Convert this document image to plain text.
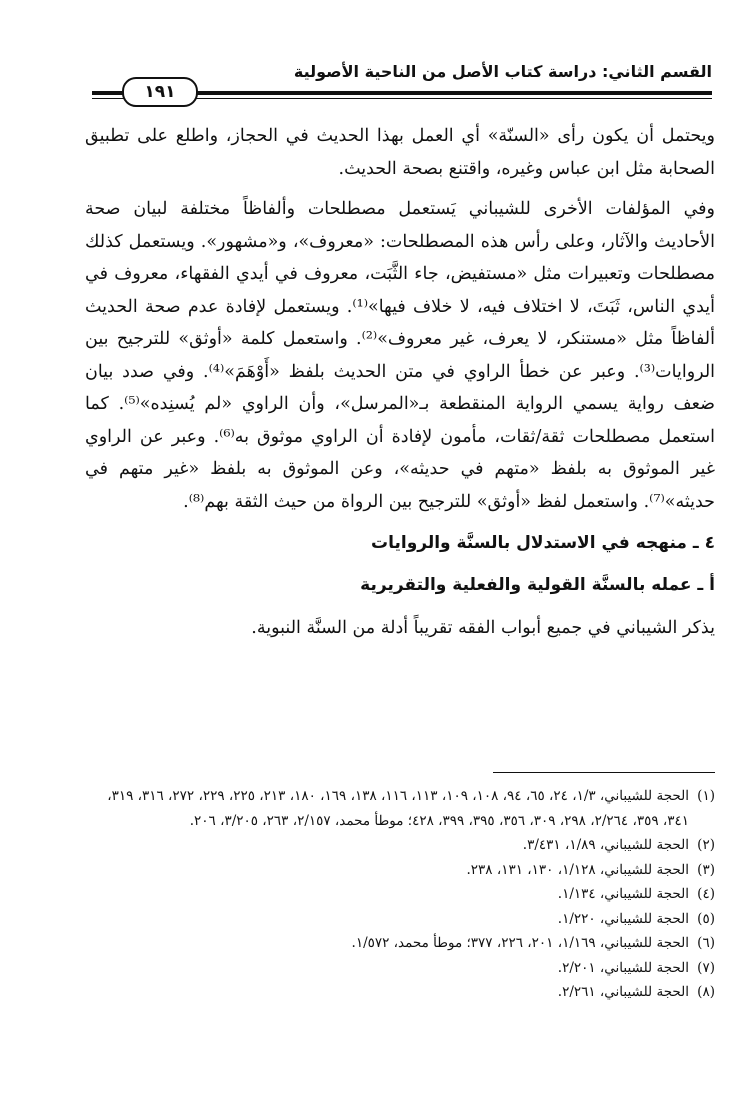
القسم الثاني: دراسة كتاب الأصل من الناحية الأصولية
١٩١

ويحتمل أن يكون رأى «السنّة» أي العمل بهذا الحديث في الحجاز، واطلع على تطبيق الصحابة مثل ابن عباس وغيره، واقتنع بصحة الحديث.

وفي المؤلفات الأخرى للشيباني يَستعمل مصطلحات وألفاظاً مختلفة لبيان صحة الأحاديث والآثار، وعلى رأس هذه المصطلحات: «معروف»، و«مشهور». ويستعمل كذلك مصطلحات وتعبيرات مثل «مستفيض، جاء الثَّبَت، معروف في أيدي الفقهاء، معروف في أيدي الناس، ثَبَتَ، لا اختلاف فيه، لا خلاف فيها»⁽¹⁾. ويستعمل لإفادة عدم صحة الحديث ألفاظاً مثل «مستنكر، لا يعرف، غير معروف»⁽²⁾. واستعمل كلمة «أوثق» للترجيح بين الروايات⁽³⁾. وعبر عن خطأ الراوي في متن الحديث بلفظ «أَوْهَمَ»⁽⁴⁾. وفي صدد بيان ضعف رواية يسمي الرواية المنقطعة بـ«المرسل»، وأن الراوي «لم يُسنِده»⁽⁵⁾. كما استعمل مصطلحات ثقة/ثقات، مأمون لإفادة أن الراوي موثوق به⁽⁶⁾. وعبر عن الراوي غير الموثوق به بلفظ «متهم في حديثه»، وعن الموثوق به بلفظ «غير متهم في حديثه»⁽⁷⁾. واستعمل لفظ «أوثق» للترجيح بين الرواة من حيث الثقة بهم⁽⁸⁾.

٤ ـ منهجه في الاستدلال بالسنَّة والروايات
أ ـ عمله بالسنَّة القولية والفعلية والتقريرية

يذكر الشيباني في جميع أبواب الفقه تقريباً أدلة من السنَّة النبوية.

(١)
الحجة للشيباني، ١/٣، ٢٤، ٦٥، ٩٤، ١٠٨، ١٠٩، ١١٣، ١١٦، ١٣٨، ١٦٩، ١٨٠، ٢١٣، ٢٢٥، ٢٢٩، ٢٧٢، ٣١٦، ٣١٩، ٣٤١، ٣٥٩، ٢/٢٦٤، ٢٩٨، ٣٠٩، ٣٥٦، ٣٩٥، ٣٩٩، ٤٢٨؛ موطأ محمد، ٢/١٥٧، ٢٦٣، ٣/٢٠٥، ٢٠٦.
(٢)
الحجة للشيباني، ١/٨٩، ٣/٤٣١.
(٣)
الحجة للشيباني، ١/١٢٨، ١٣٠، ١٣١، ٢٣٨.
(٤)
الحجة للشيباني، ١/١٣٤.
(٥)
الحجة للشيباني، ١/٢٢٠.
(٦)
الحجة للشيباني، ١/١٦٩، ٢٠١، ٢٢٦، ٣٧٧؛ موطأ محمد، ١/٥٧٢.
(٧)
الحجة للشيباني، ٢/٢٠١.
(٨)
الحجة للشيباني، ٢/٢٦١.
